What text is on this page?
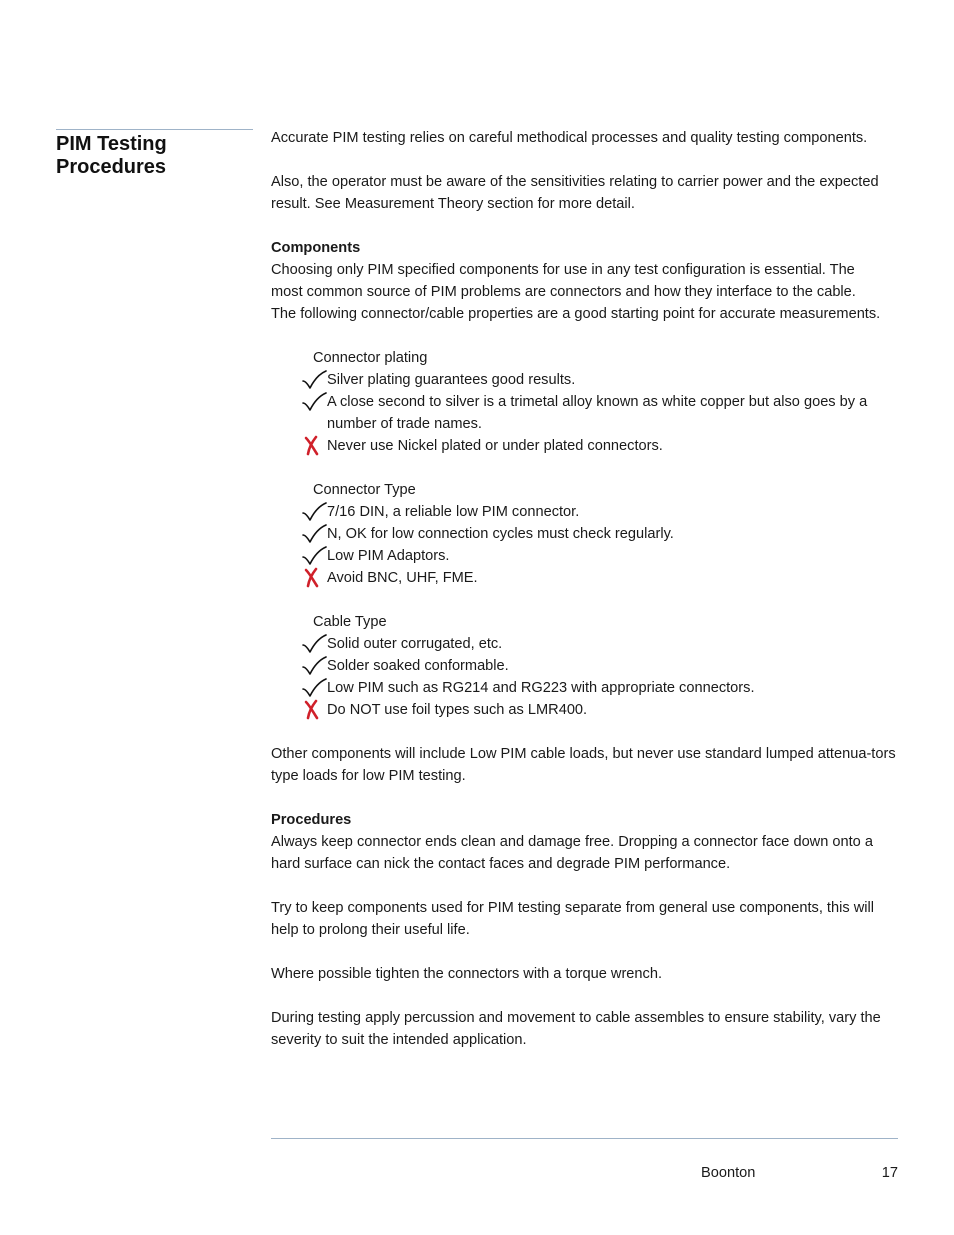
PIM Testing
Procedures

Accurate PIM testing relies on careful methodical processes and quality testing components.

Also, the operator must be aware of the sensitivities relating to carrier power and the expected result. See Measurement Theory section for more detail.

Components

Choosing only PIM specified components for use in any test configuration is essential. The

most common source of PIM problems are connectors and how they interface to the cable.

The following connector/cable properties are a good starting point for accurate measurements.

Connector plating

Silver plating guarantees good results.

A close second to silver is a trimetal alloy known as white copper but also goes by a number of trade names.

Never use Nickel plated or under plated connectors.

Connector Type

7/16 DIN, a reliable low PIM connector.

N, OK for low connection cycles must check regularly.

Low PIM Adaptors.

Avoid BNC, UHF, FME.

Cable Type

Solid outer corrugated, etc.

Solder soaked conformable.

Low PIM such as RG214 and RG223 with appropriate connectors.

Do NOT use foil types such as LMR400.

Other components will include Low PIM cable loads, but never use standard lumped attenua-tors type loads for low PIM testing.

Procedures

Always keep connector ends clean and damage free. Dropping a connector face down onto a hard surface can nick the contact faces and degrade PIM performance.

Try to keep components used for PIM testing separate from general use components, this will help to prolong their useful life.

Where possible tighten the connectors with a torque wrench.

During testing apply percussion and movement to cable assembles to ensure stability, vary the severity to suit the intended application.

Boonton	17
